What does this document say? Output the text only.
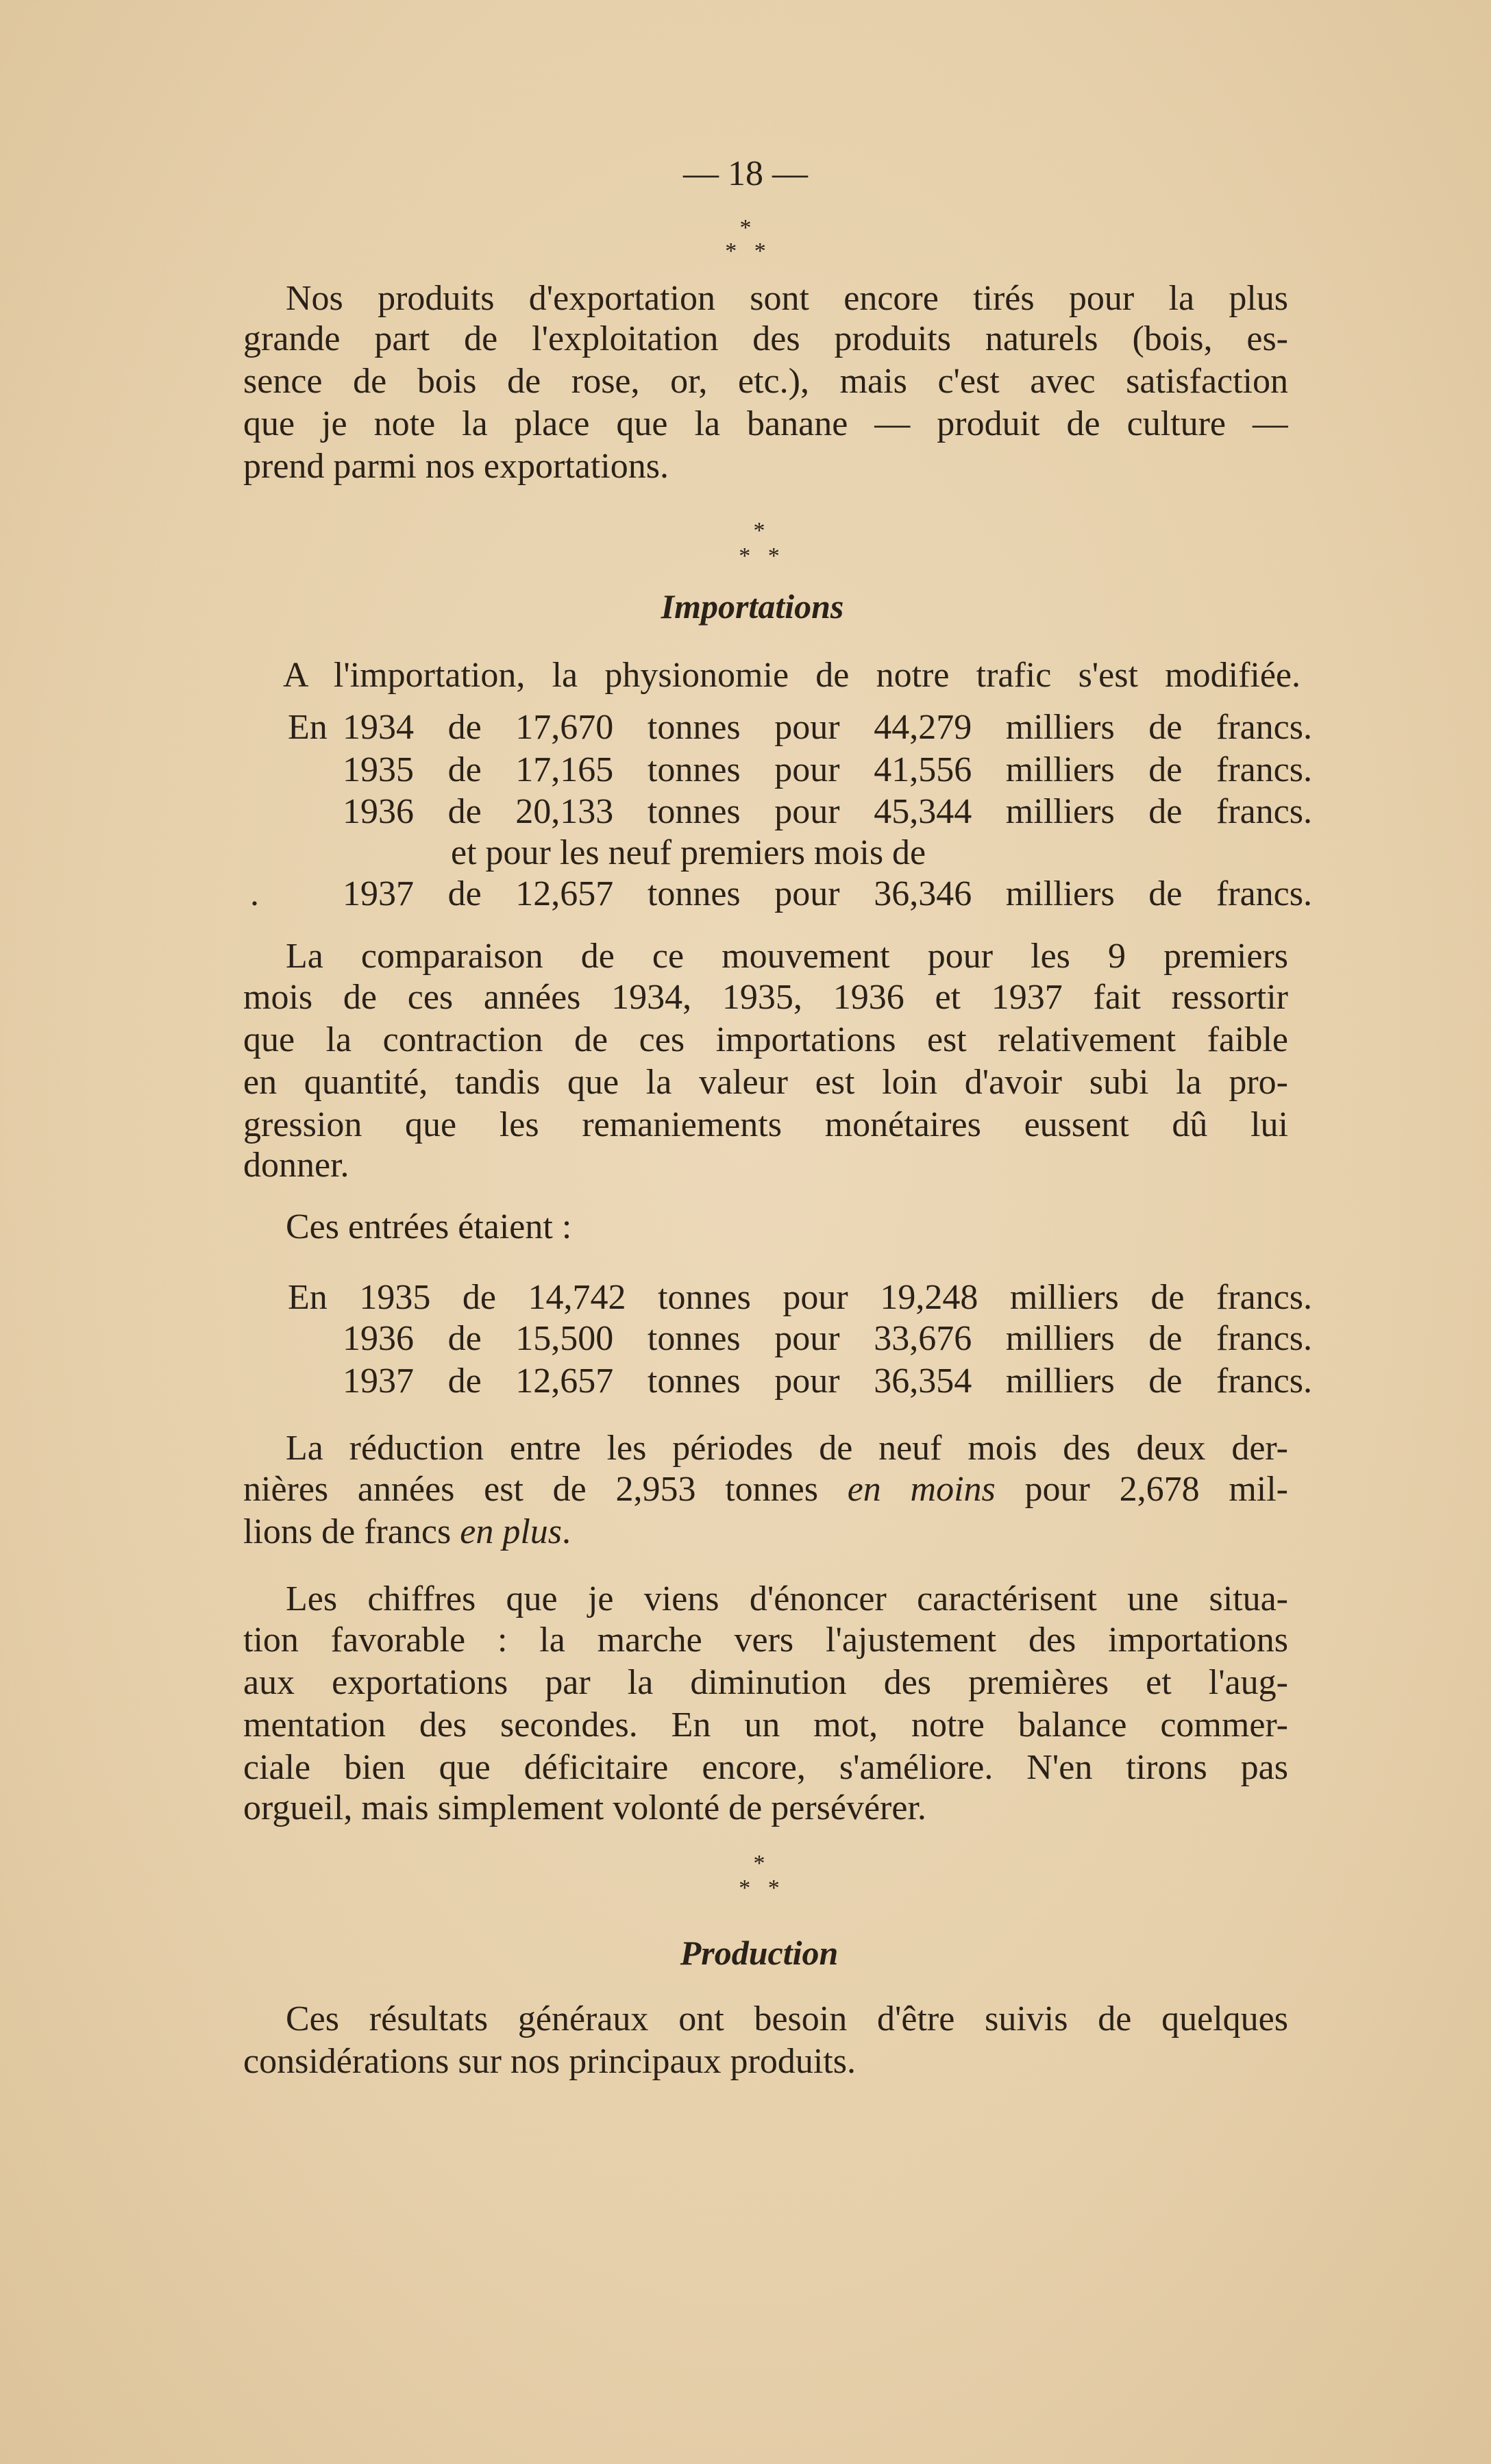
— 18 —
*
*   *
Nos produits d'exportation sont encore tirés pour la plus
grande part de l'exploitation des produits naturels (bois, es-
sence de bois de rose, or, etc.), mais c'est avec satisfaction
que je note la place que la banane — produit de culture —
prend parmi nos exportations.
*
*   *
Importations
A l'importation, la physionomie de notre trafic s'est modifiée.
En 1934 de 17,670 tonnes pour 44,279 milliers de francs.
1935 de 17,165 tonnes pour 41,556 milliers de francs.
1936 de 20,133 tonnes pour 45,344 milliers de francs.
et pour les neuf premiers mois de
.	1937 de 12,657 tonnes pour 36,346 milliers de francs.
La comparaison de ce mouvement pour les 9 premiers
mois de ces années 1934, 1935, 1936 et 1937 fait ressortir
que la contraction de ces importations est relativement faible
en quantité, tandis que la valeur est loin d'avoir subi la pro-
gression que les remaniements monétaires eussent dû lui
donner.
Ces entrées étaient :
En 1935 de 14,742 tonnes pour 19,248 milliers de francs.
1936 de 15,500 tonnes pour 33,676 milliers de francs.
1937 de 12,657 tonnes pour 36,354 milliers de francs.
La réduction entre les périodes de neuf mois des deux der-
nières années est de 2,953 tonnes en moins pour 2,678 mil-
lions de francs en plus.
Les chiffres que je viens d'énoncer caractérisent une situa-
tion favorable : la marche vers l'ajustement des importations
aux exportations par la diminution des premières et l'aug-
mentation des secondes. En un mot, notre balance commer-
ciale bien que déficitaire encore, s'améliore. N'en tirons pas
orgueil, mais simplement volonté de persévérer.
*
*   *
Production
Ces résultats généraux ont besoin d'être suivis de quelques
considérations sur nos principaux produits.
